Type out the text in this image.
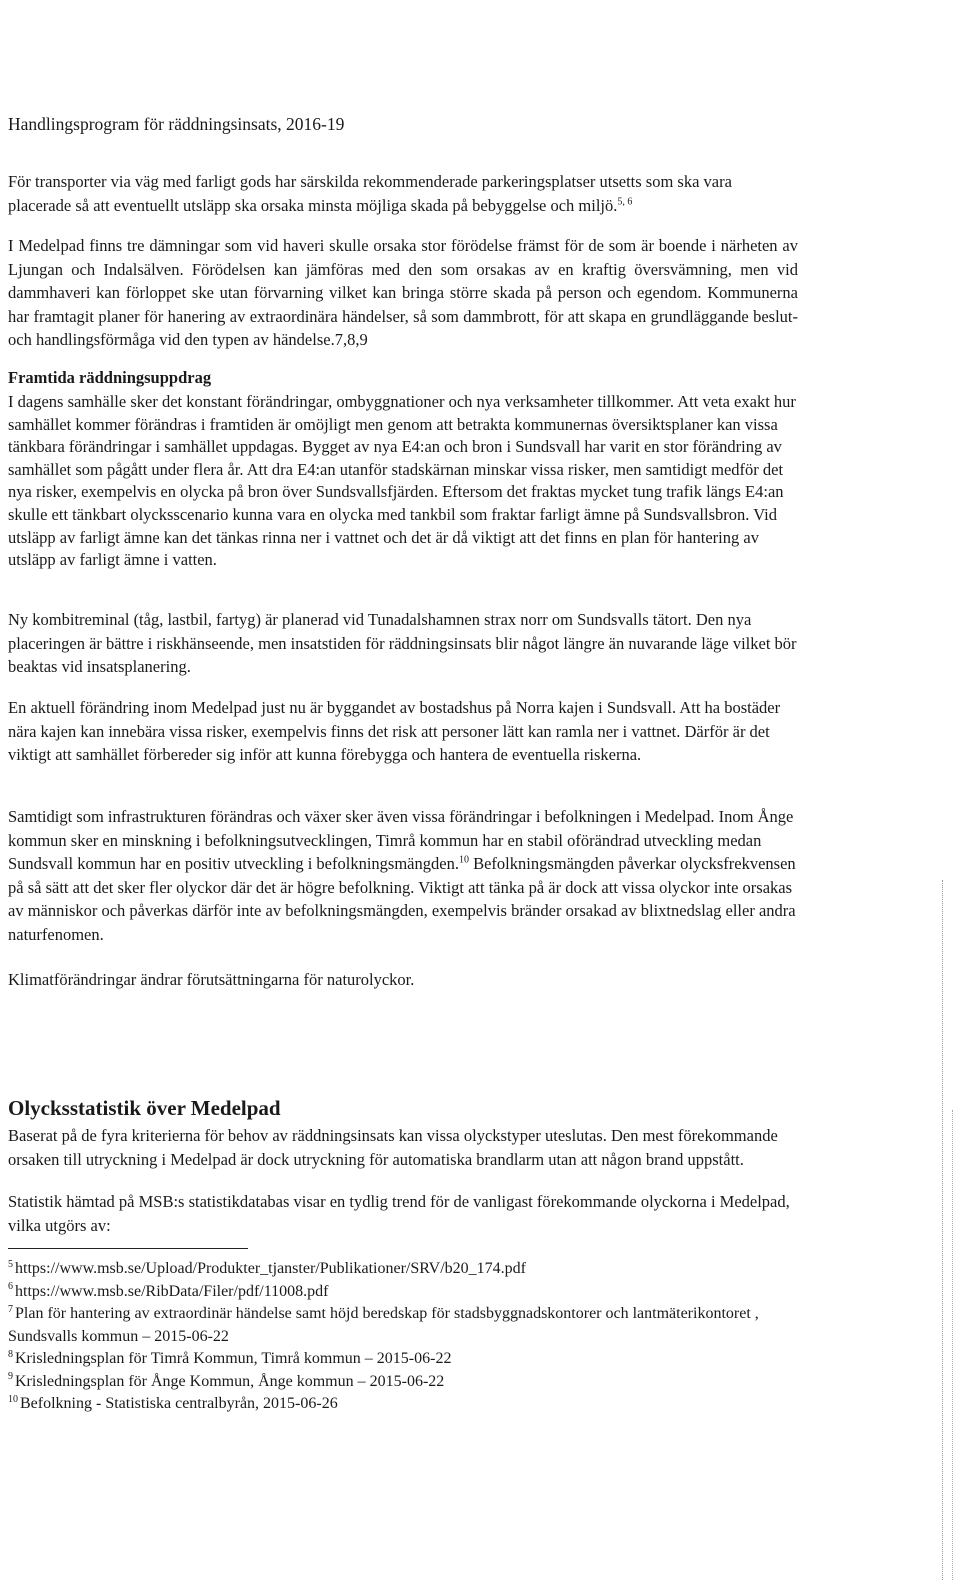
Handlingsprogram för räddningsinsats, 2016-19

För transporter via väg med farligt gods har särskilda rekommenderade parkeringsplatser utsetts som ska vara placerade så att eventuellt utsläpp ska orsaka minsta möjliga skada på bebyggelse och miljö.$^{5, 6}$

I Medelpad finns tre dämningar som vid haveri skulle orsaka stor förödelse främst för de som är boende i närheten av Ljungan och Indalsälven. Förödelsen kan jämföras med den som orsakas av en kraftig översvämning, men vid dammhaveri kan förloppet ske utan förvarning vilket kan bringa större skada på person och egendom. Kommunerna har framtagit planer för hanering av extraordinära händelser, så som dammbrott, för att skapa en grundläggande beslut- och handlingsförmåga vid den typen av händelse.7,8,9

Framtida räddningsuppdrag

I dagens samhälle sker det konstant förändringar, ombyggnationer och nya verksamheter tillkommer. Att veta exakt hur samhället kommer förändras i framtiden är omöjligt men genom att betrakta kommunernas översiktsplaner kan vissa tänkbara förändringar i samhället uppdagas. Bygget av nya E4:an och bron i Sundsvall har varit en stor förändring av samhället som pågått under flera år. Att dra E4:an utanför stadskärnan minskar vissa risker, men samtidigt medför det nya risker, exempelvis en olycka på bron över Sundsvallsfjärden. Eftersom det fraktas mycket tung trafik längs E4:an skulle ett tänkbart olycksscenario kunna vara en olycka med tankbil som fraktar farligt ämne på Sundsvallsbron. Vid utsläpp av farligt ämne kan det tänkas rinna ner i vattnet och det är då viktigt att det finns en plan för hantering av utsläpp av farligt ämne i vatten.

Ny kombitreminal (tåg, lastbil, fartyg) är planerad vid Tunadalshamnen strax norr om Sundsvalls tätort. Den nya placeringen är bättre i riskhänseende, men insatstiden för räddningsinsats blir något längre än nuvarande läge vilket bör beaktas vid insatsplanering.

En aktuell förändring inom Medelpad just nu är byggandet av bostadshus på Norra kajen i Sundsvall. Att ha bostäder nära kajen kan innebära vissa risker, exempelvis finns det risk att personer lätt kan ramla ner i vattnet. Därför är det viktigt att samhället förbereder sig inför att kunna förebygga och hantera de eventuella riskerna.

Samtidigt som infrastrukturen förändras och växer sker även vissa förändringar i befolkningen i Medelpad. Inom Ånge kommun sker en minskning i befolkningsutvecklingen, Timrå kommun har en stabil oförändrad utveckling medan Sundsvall kommun har en positiv utveckling i befolkningsmängden.$^{10}$ Befolkningsmängden påverkar olycksfrekvensen på så sätt att det sker fler olyckor där det är högre befolkning. Viktigt att tänka på är dock att vissa olyckor inte orsakas av människor och påverkas därför inte av befolkningsmängden, exempelvis bränder orsakad av blixtnedslag eller andra naturfenomen.

Klimatförändringar ändrar förutsättningarna för naturolyckor.

Olycksstatistik över Medelpad

Baserat på de fyra kriterierna för behov av räddningsinsats kan vissa olyckstyper uteslutas. Den mest förekommande orsaken till utryckning i Medelpad är dock utryckning för automatiska brandlarm utan att någon brand uppstått.

Statistik hämtad på MSB:s statistikdatabas visar en tydlig trend för de vanligast förekommande olyckorna i Medelpad, vilka utgörs av:

$^5$ https://www.msb.se/Upload/Produkter_tjanster/Publikationer/SRV/b20_174.pdf

$^6$ https://www.msb.se/RibData/Filer/pdf/11008.pdf

$^7$ Plan för hantering av extraordinär händelse samt höjd beredskap för stadsbyggnadskontorer och lantmäterikontoret , Sundsvalls kommun – 2015-06-22

$^8$ Krisledningsplan för Timrå Kommun, Timrå kommun – 2015-06-22

$^9$ Krisledningsplan för Ånge Kommun, Ånge kommun – 2015-06-22

$^{10}$ Befolkning - Statistiska centralbyrån, 2015-06-26
